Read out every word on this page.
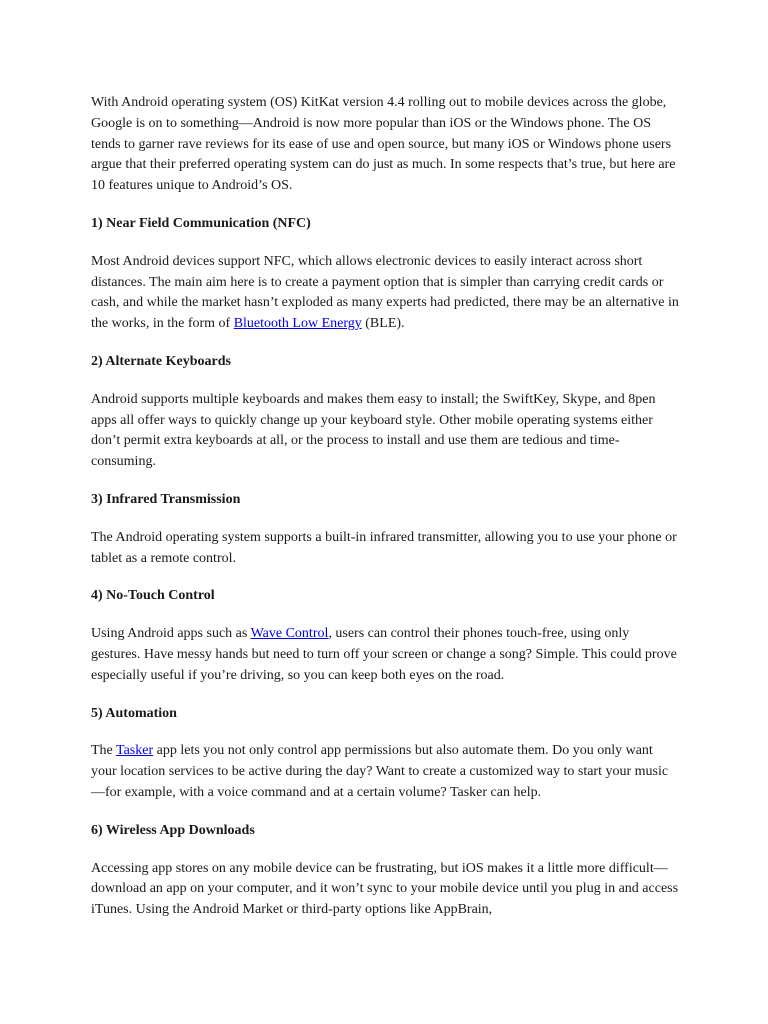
With Android operating system (OS) KitKat version 4.4 rolling out to mobile devices across the globe, Google is on to something—Android is now more popular than iOS or the Windows phone. The OS tends to garner rave reviews for its ease of use and open source, but many iOS or Windows phone users argue that their preferred operating system can do just as much. In some respects that’s true, but here are 10 features unique to Android’s OS.

1) Near Field Communication (NFC)

Most Android devices support NFC, which allows electronic devices to easily interact across short distances. The main aim here is to create a payment option that is simpler than carrying credit cards or cash, and while the market hasn’t exploded as many experts had predicted, there may be an alternative in the works, in the form of Bluetooth Low Energy (BLE).

2) Alternate Keyboards

Android supports multiple keyboards and makes them easy to install; the SwiftKey, Skype, and 8pen apps all offer ways to quickly change up your keyboard style. Other mobile operating systems either don’t permit extra keyboards at all, or the process to install and use them are tedious and time-consuming.

3) Infrared Transmission

The Android operating system supports a built-in infrared transmitter, allowing you to use your phone or tablet as a remote control.

4) No-Touch Control

Using Android apps such as Wave Control, users can control their phones touch-free, using only gestures. Have messy hands but need to turn off your screen or change a song? Simple. This could prove especially useful if you’re driving, so you can keep both eyes on the road.

5) Automation

The Tasker app lets you not only control app permissions but also automate them. Do you only want your location services to be active during the day? Want to create a customized way to start your music—for example, with a voice command and at a certain volume? Tasker can help.

6) Wireless App Downloads

Accessing app stores on any mobile device can be frustrating, but iOS makes it a little more difficult—download an app on your computer, and it won’t sync to your mobile device until you plug in and access iTunes. Using the Android Market or third-party options like AppBrain,
